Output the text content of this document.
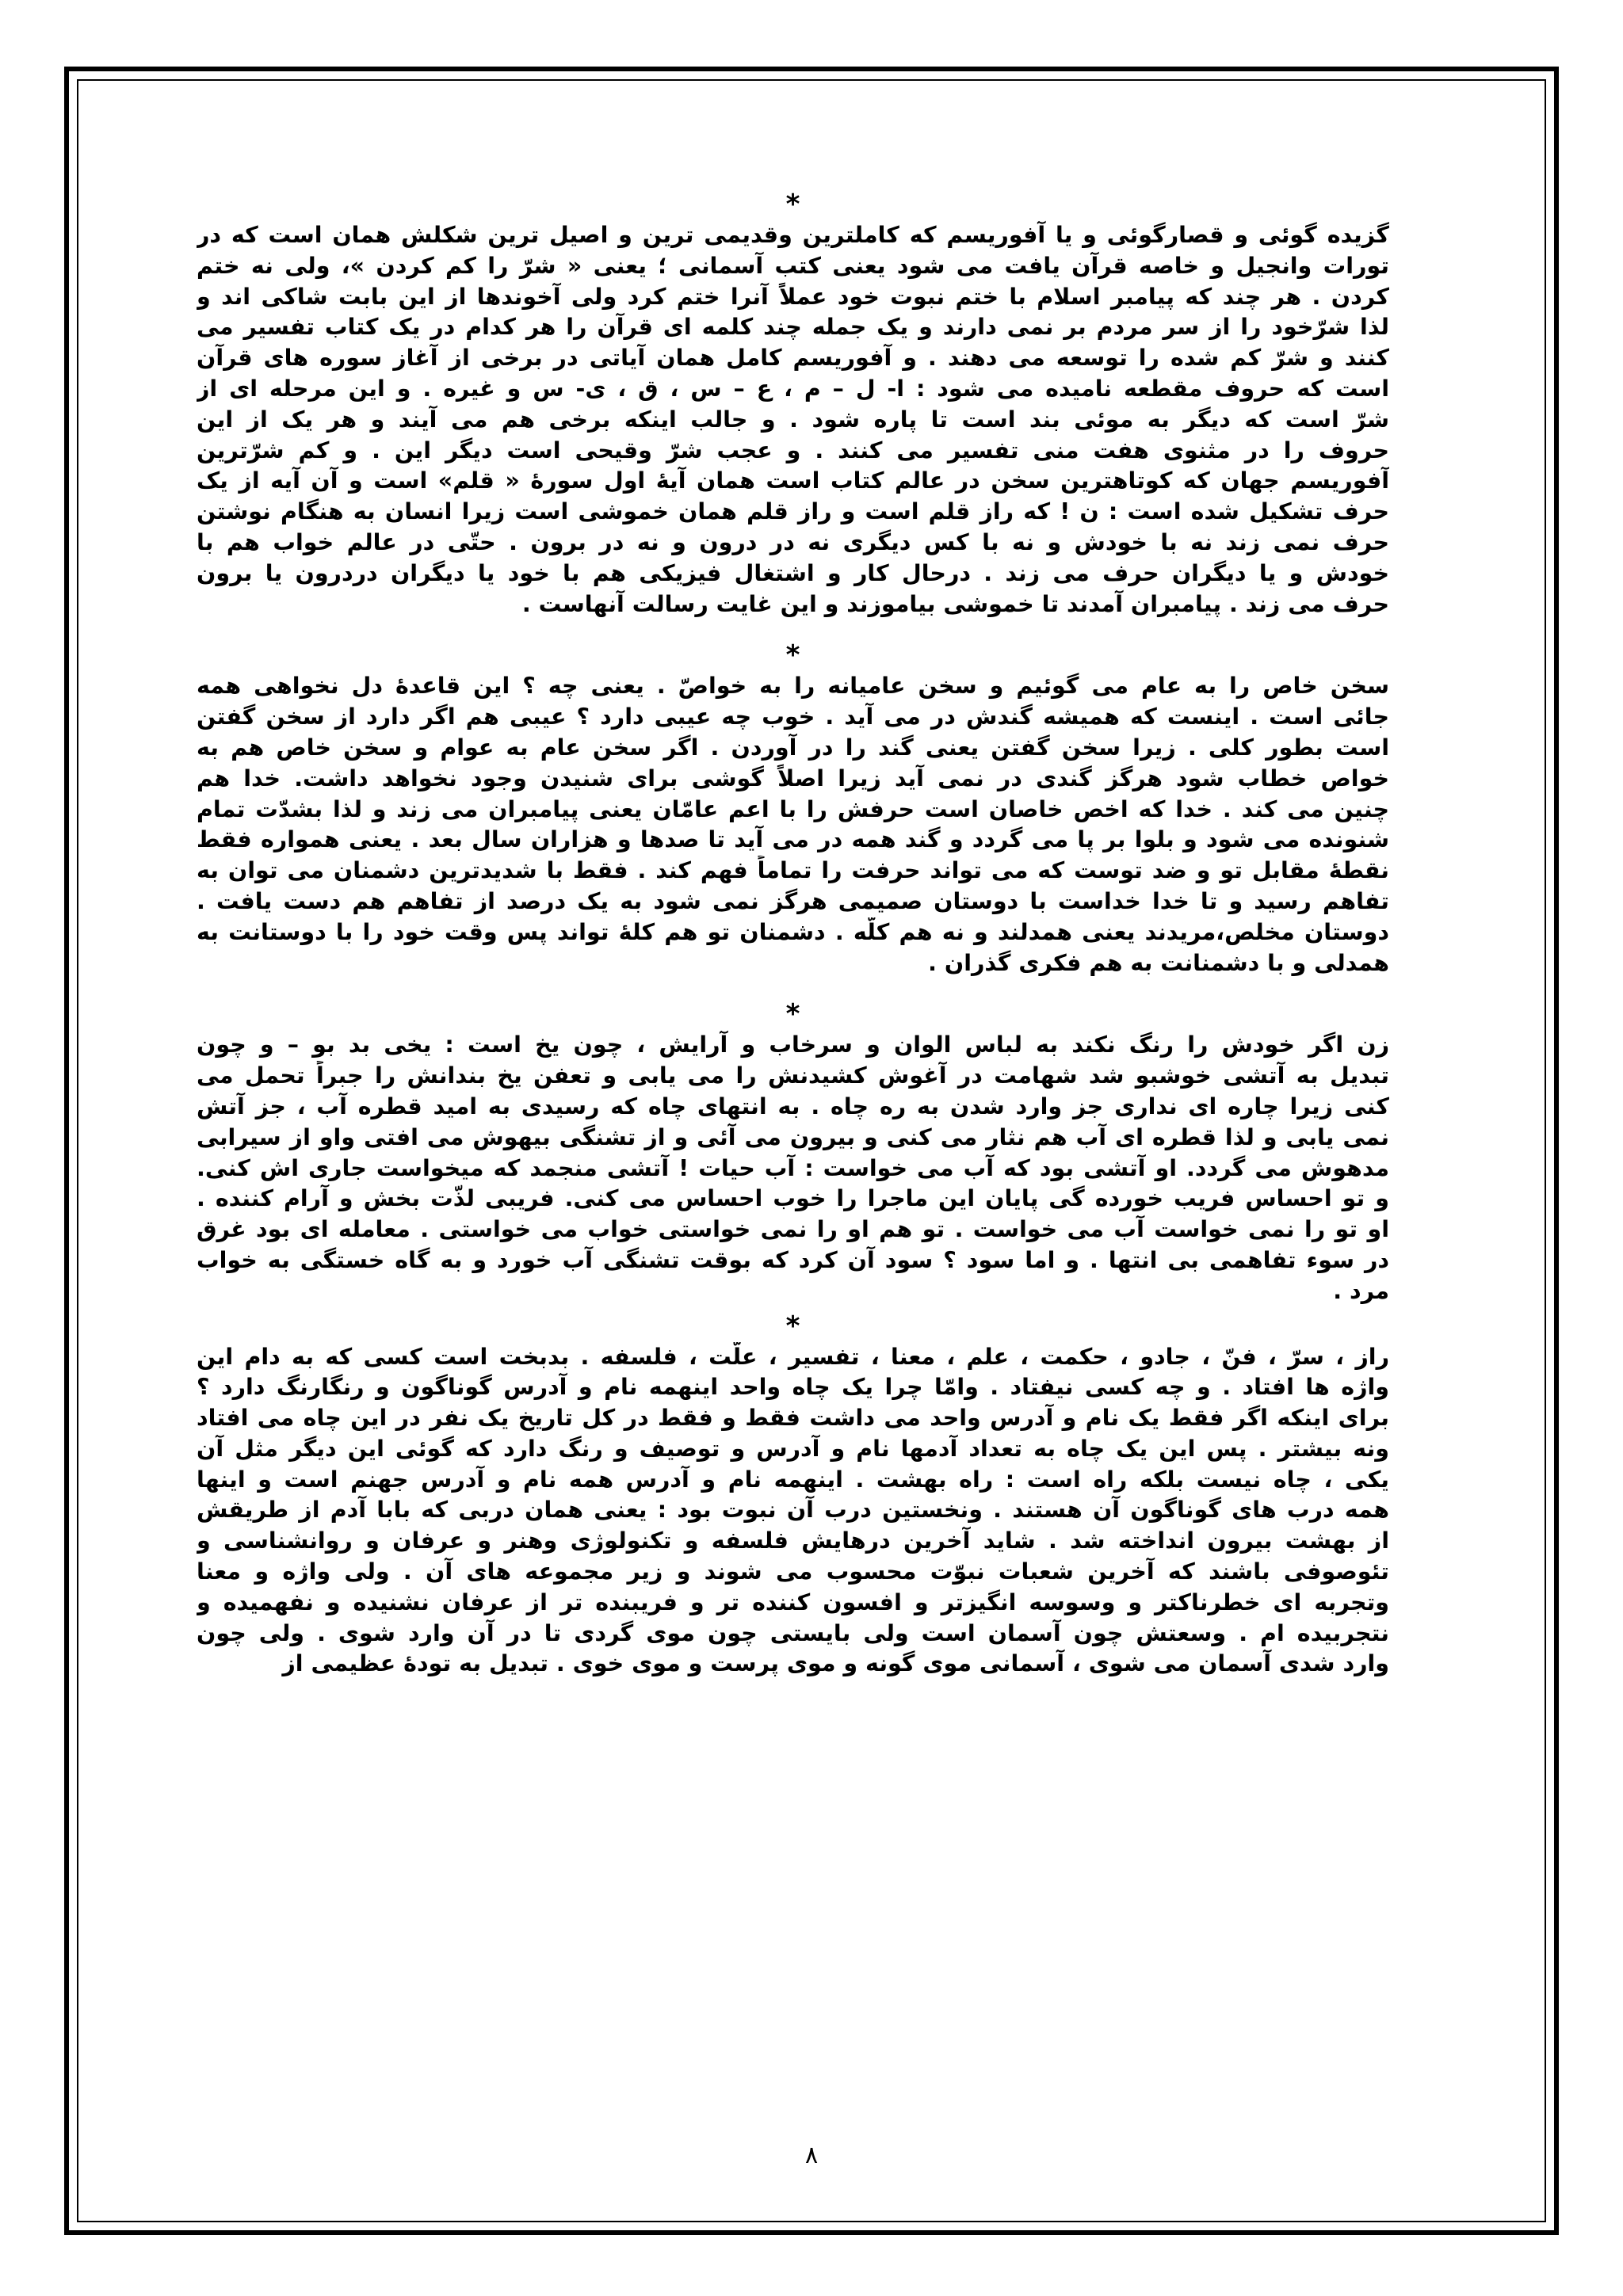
*
گزیده گوئی و قصارگوئی و یا آفوریسم که کاملترین وقدیمی ترین و اصیل ترین شکلش همان است که در
تورات وانجیل و خاصه قرآن یافت می شود یعنی کتب آسمانی ؛ یعنی « شرّ را کم کردن »، ولی نه ختم
کردن . هر چند که پیامبر اسلام با ختم نبوت خود عملاً آنرا ختم کرد ولی آخوندها از این بابت شاکی اند و
لذا شرّخود را از سر مردم بر نمی دارند و یک جمله چند کلمه ای قرآن را هر کدام در یک کتاب تفسیر می
کنند و شرّ کم شده را توسعه می دهند . و آفوریسم کامل همان آیاتی در برخی از آغاز سوره های قرآن
است که حروف مقطعه نامیده می شود : ا- ل – م ، ع – س ، ق ، ی- س و غیره . و این مرحله ای از
شرّ است که دیگر به موئی بند است تا پاره شود . و جالب اینکه برخی هم می آیند و هر یک از این
حروف را در مثنوی هفت منی تفسیر می کنند . و عجب شرّ وقیحی است دیگر این . و کم شرّترین
آفوریسم جهان که کوتاهترین سخن در عالم کتاب است همان آیهٔ اول سورهٔ « قلم» است و آن آیه از یک
حرف تشکیل شده است : ن ! که راز قلم است و راز قلم همان خموشی است زیرا انسان به هنگام نوشتن
حرف نمی زند نه با خودش و نه با کس دیگری نه در درون و نه در برون . حتّی در عالم خواب هم با
خودش و یا دیگران حرف می زند . درحال کار و اشتغال فیزیکی هم با خود یا دیگران دردرون یا برون
حرف می زند . پیامبران آمدند تا خموشی بیاموزند و این غایت رسالت آنهاست .
*
سخن خاص را به عام می گوئیم و سخن عامیانه را به خواصّ . یعنی چه ؟ این قاعدهٔ دل نخواهی همه
جائی است . اینست که همیشه گندش در می آید . خوب چه عیبی دارد ؟ عیبی هم اگر دارد از سخن گفتن
است بطور کلی . زیرا سخن گفتن یعنی گند را در آوردن . اگر سخن عام به عوام و سخن خاص هم به
خواص خطاب شود هرگز گندی در نمی آید زیرا اصلاً گوشی برای شنیدن وجود نخواهد داشت. خدا هم
چنین می کند . خدا که اخص خاصان است حرفش را با اعم عامّان یعنی پیامبران می زند و لذا بشدّت تمام
شنونده می شود و بلوا بر پا می گردد و گند همه در می آید تا صدها و هزاران سال بعد . یعنی همواره فقط
نقطهٔ مقابل تو و ضد توست که می تواند حرفت را تماماً فهم کند . فقط با شدیدترین دشمنان می توان به
تفاهم رسید و تا خدا خداست با دوستان صمیمی هرگز نمی شود به یک درصد از تفاهم هم دست یافت .
دوستان مخلص،مریدند یعنی همدلند و نه هم کلّه . دشمنان تو هم کلهٔ تواند پس وقت خود را با دوستانت به
همدلی و با دشمنانت به هم فکری گذران .
*
زن اگر خودش را رنگ نکند به لباس الوان و سرخاب و آرایش ، چون یخ است : یخی بد بو – و چون
تبدیل به آتشی خوشبو شد شهامت در آغوش کشیدنش را می یابی و تعفن یخ بندانش را جبراً تحمل می
کنی زیرا چاره ای نداری جز وارد شدن به ره چاه . به انتهای چاه که رسیدی به امید قطره آب ، جز آتش
نمی یابی و لذا قطره ای آب هم نثار می کنی و بیرون می آئی و از تشنگی بیهوش می افتی واو از سیرابی
مدهوش می گردد. او آتشی بود که آب می خواست : آب حیات ! آتشی منجمد که میخواست جاری اش کنی.
و تو احساس فریب خورده گی پایان این ماجرا را خوب احساس می کنی. فریبی لذّت بخش و آرام کننده .
او تو را نمی خواست آب می خواست . تو هم او را نمی خواستی خواب می خواستی . معامله ای بود غرق
در سوء تفاهمی بی انتها . و اما سود ؟ سود آن کرد که بوقت تشنگی آب خورد و به گاه خستگی به خواب
مرد .
*
راز ، سرّ ، فنّ ، جادو ، حکمت ، علم ، معنا ، تفسیر ، علّت ، فلسفه . بدبخت است کسی که به دام این
واژه ها افتاد . و چه کسی نیفتاد . وامّا چرا یک چاه واحد اینهمه نام و آدرس گوناگون و رنگارنگ دارد ؟
برای اینکه اگر فقط یک نام و آدرس واحد می داشت فقط و فقط در کل تاریخ یک نفر در این چاه می افتاد
ونه بیشتر . پس این یک چاه به تعداد آدمها نام و آدرس و توصیف و رنگ دارد که گوئی این دیگر مثل آن
یکی ، چاه نیست بلکه راه است : راه بهشت . اینهمه نام و آدرس همه نام و آدرس جهنم است و اینها
همه درب های گوناگون آن هستند . ونخستین درب آن نبوت بود : یعنی همان دربی که بابا آدم از طریقش
از بهشت بیرون انداخته شد . شاید آخرین درهایش فلسفه و تکنولوژی وهنر و عرفان و روانشناسی و
تئوصوفی باشند که آخرین شعبات نبوّت محسوب می شوند و زیر مجموعه های آن . ولی واژه و معنا
وتجربه ای خطرناکتر و وسوسه انگیزتر و افسون کننده تر و فریبنده تر از عرفان نشنیده و نفهمیده و
نتجربیده ام . وسعتش چون آسمان است ولی بایستی چون موی گردی تا در آن وارد شوی . ولی چون
وارد شدی آسمان می شوی ، آسمانی موی گونه و موی پرست و موی خوی . تبدیل به تودهٔ عظیمی از
۸
